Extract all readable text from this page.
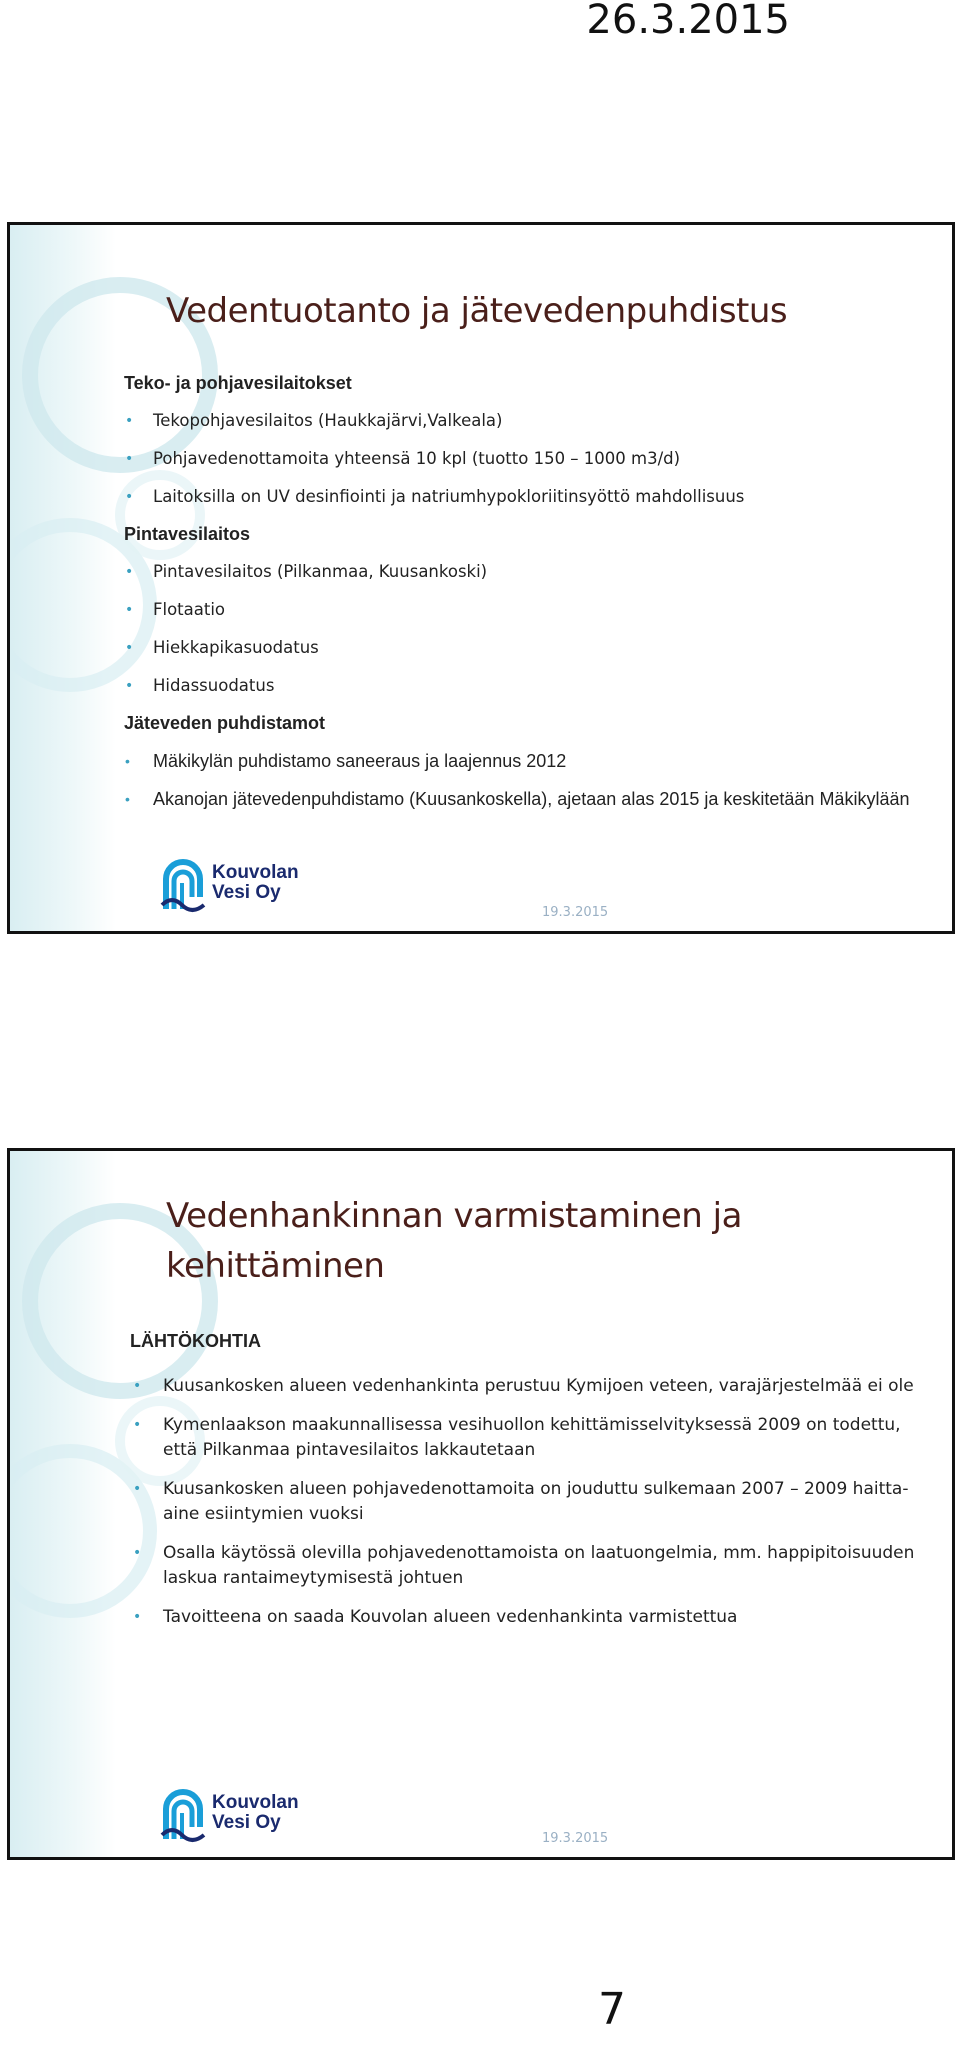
26.3.2015
Vedentuotanto ja jätevedenpuhdistus
Teko- ja pohjavesilaitokset
• Tekopohjavesilaitos (Haukkajärvi,Valkeala)
• Pohjavedenottamoita yhteensä 10 kpl (tuotto 150 – 1000 m3/d)
• Laitoksilla on UV desinfiointi ja natriumhypokloriitinsyöttö mahdollisuus
Pintavesilaitos
• Pintavesilaitos (Pilkanmaa, Kuusankoski)
• Flotaatio
• Hiekkapikasuodatus
• Hidassuodatus
Jäteveden puhdistamot
• Mäkikylän puhdistamo saneeraus ja laajennus 2012
• Akanojan jätevedenpuhdistamo (Kuusankoskella), ajetaan alas 2015 ja keskitetään Mäkikylään
Kouvolan
Vesi Oy
19.3.2015
Vedenhankinnan varmistaminen ja kehittäminen
LÄHTÖKOHTIA
• Kuusankosken alueen vedenhankinta perustuu Kymijoen veteen, varajärjestelmää ei ole
• Kymenlaakson maakunnallisessa vesihuollon kehittämisselvityksessä 2009 on todettu, että Pilkanmaa pintavesilaitos lakkautetaan
• Kuusankosken alueen pohjavedenottamoita on jouduttu sulkemaan 2007 – 2009 haitta-aine esiintymien vuoksi
• Osalla käytössä olevilla pohjavedenottamoista on laatuongelmia, mm. happipitoisuuden laskua rantaimeytymisestä johtuen
• Tavoitteena on saada Kouvolan alueen vedenhankinta varmistettua
Kouvolan
Vesi Oy
19.3.2015
7
